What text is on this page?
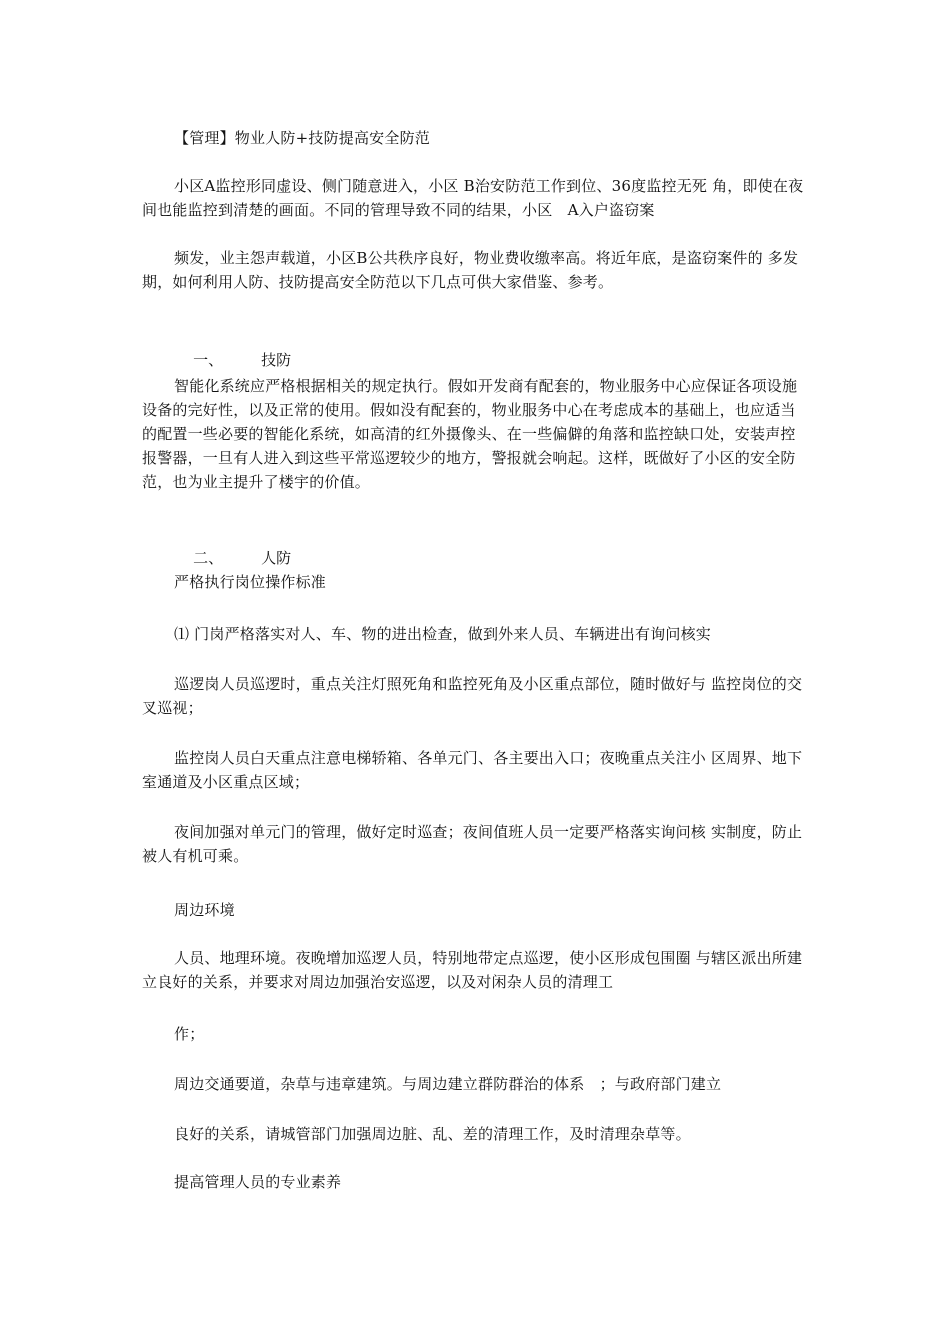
【管理】物业人防+技防提高安全防范

小区A监控形同虚设、侧门随意进入，小区 B治安防范工作到位、36度监控无死 角，即使在夜间也能监控到清楚的画面。不同的管理导致不同的结果，小区　A入户盗窃案

频发，业主怨声载道，小区B公共秩序良好，物业费收缴率高。将近年底，是盗窃案件的 多发期，如何利用人防、技防提高安全防范以下几点可供大家借鉴、参考。

一、	技防

智能化系统应严格根据相关的规定执行。假如开发商有配套的，物业服务中心应保证各项设施设备的完好性，以及正常的使用。假如没有配套的，物业服务中心在考虑成本的基础上，也应适当的配置一些必要的智能化系统，如高清的红外摄像头、在一些偏僻的角落和监控缺口处，安装声控报警器，一旦有人进入到这些平常巡逻较少的地方，警报就会响起。这样，既做好了小区的安全防范，也为业主提升了楼宇的价值。

二、	人防

严格执行岗位操作标准

⑴ 门岗严格落实对人、车、物的进出检查，做到外来人员、车辆进出有询问核实

巡逻岗人员巡逻时，重点关注灯照死角和监控死角及小区重点部位，随时做好与 监控岗位的交叉巡视；

监控岗人员白天重点注意电梯轿箱、各单元门、各主要出入口；夜晚重点关注小 区周界、地下室通道及小区重点区域；

夜间加强对单元门的管理，做好定时巡查；夜间值班人员一定要严格落实询问核 实制度，防止被人有机可乘。

周边环境

人员、地理环境。夜晚增加巡逻人员，特别地带定点巡逻，使小区形成包围圈 与辖区派出所建立良好的关系，并要求对周边加强治安巡逻，以及对闲杂人员的清理工

作；

周边交通要道，杂草与违章建筑。与周边建立群防群治的体系　；与政府部门建立

良好的关系，请城管部门加强周边脏、乱、差的清理工作，及时清理杂草等。

提高管理人员的专业素养
